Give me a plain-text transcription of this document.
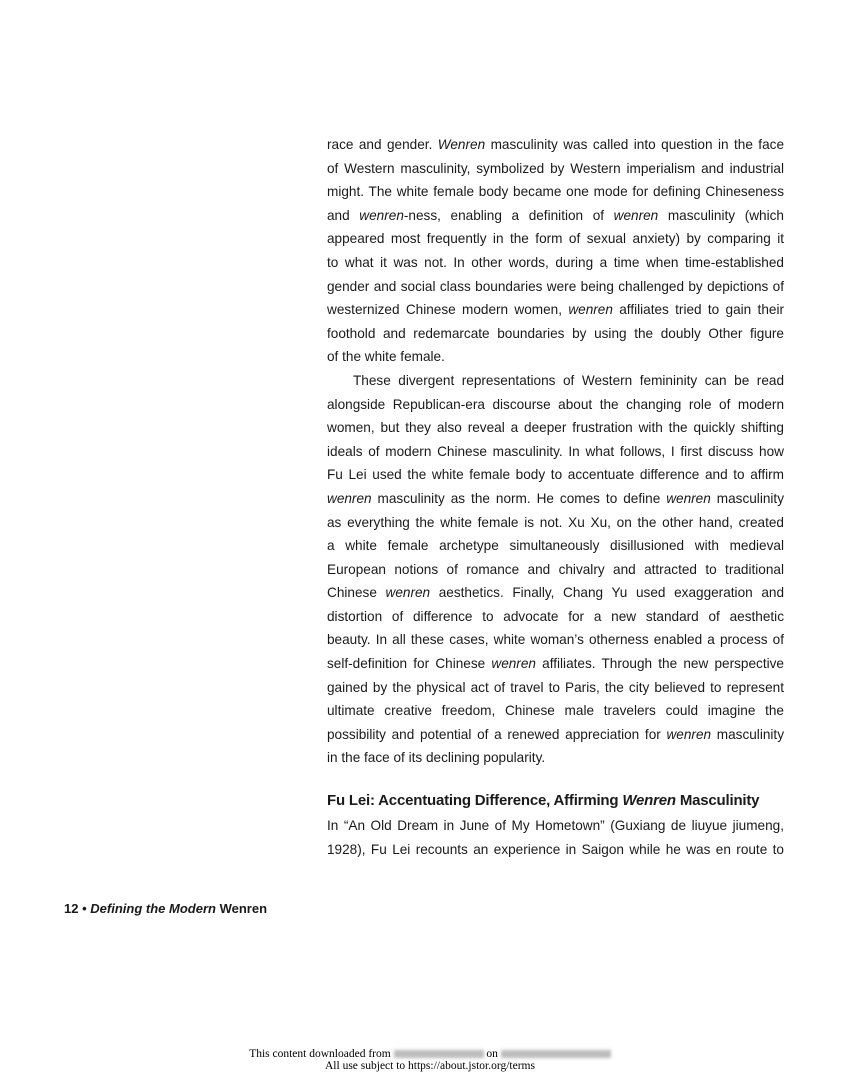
race and gender. Wenren masculinity was called into question in the face
of Western masculinity, symbolized by Western imperialism and industrial
might. The white female body became one mode for defining Chineseness
and wenren-ness, enabling a definition of wenren masculinity (which
appeared most frequently in the form of sexual anxiety) by comparing it
to what it was not. In other words, during a time when time-established
gender and social class boundaries were being challenged by depictions of
westernized Chinese modern women, wenren affiliates tried to gain their
foothold and redemarcate boundaries by using the doubly Other figure
of the white female.
These divergent representations of Western femininity can be read
alongside Republican-era discourse about the changing role of modern
women, but they also reveal a deeper frustration with the quickly shifting
ideals of modern Chinese masculinity. In what follows, I first discuss how
Fu Lei used the white female body to accentuate difference and to affirm
wenren masculinity as the norm. He comes to define wenren masculinity
as everything the white female is not. Xu Xu, on the other hand, created
a white female archetype simultaneously disillusioned with medieval
European notions of romance and chivalry and attracted to traditional
Chinese wenren aesthetics. Finally, Chang Yu used exaggeration and
distortion of difference to advocate for a new standard of aesthetic
beauty. In all these cases, white woman’s otherness enabled a process of
self-definition for Chinese wenren affiliates. Through the new perspective
gained by the physical act of travel to Paris, the city believed to represent
ultimate creative freedom, Chinese male travelers could imagine the
possibility and potential of a renewed appreciation for wenren masculinity
in the face of its declining popularity.
Fu Lei: Accentuating Difference, Affirming Wenren Masculinity
In “An Old Dream in June of My Hometown” (Guxiang de liuyue jiumeng,
1928), Fu Lei recounts an experience in Saigon while he was en route to
12 • Defining the Modern Wenren
This content downloaded from	on
All use subject to https://about.jstor.org/terms
